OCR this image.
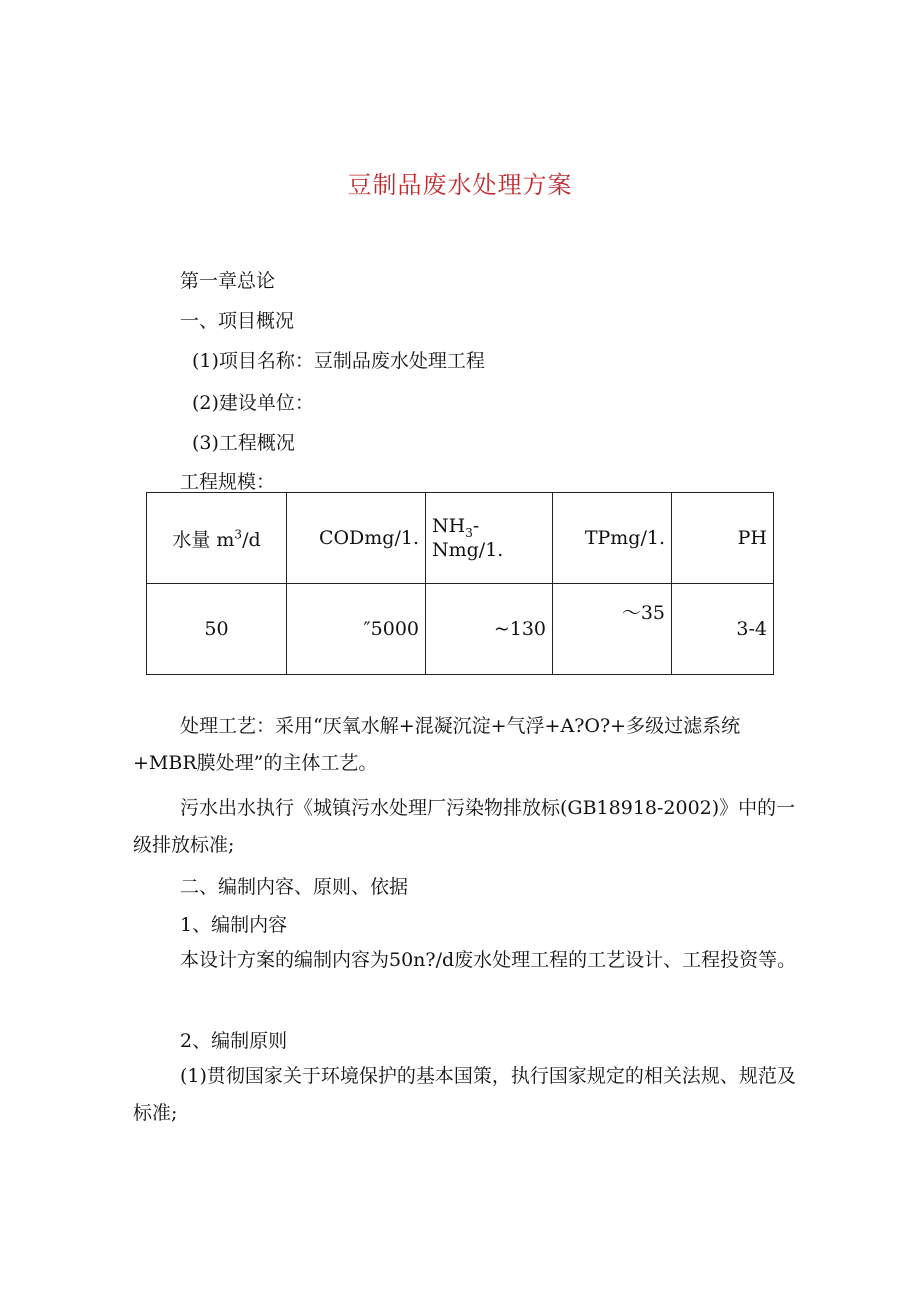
豆制品废水处理方案
第一章总论
一、项目概况
(1)项目名称：豆制品废水处理工程
(2)建设单位：
(3)工程概况
工程规模：
水量 $m^3/d$	CODmg/1.	$NH_3-Nmg/1$.	TPmg/1.	PH
50	″5000	~130	～35	3-4
处理工艺：采用“厌氧水解+混凝沉淀+气浮+A?O?+多级过滤系统+MBR膜处理”的主体工艺。
污水出水执行《城镇污水处理厂污染物排放标(GB18918-2002)》中的一级排放标准;
二、编制内容、原则、依据
1、编制内容
本设计方案的编制内容为50n?/d废水处理工程的工艺设计、工程投资等。
2、编制原则
(1)贯彻国家关于环境保护的基本国策，执行国家规定的相关法规、规范及标准;
